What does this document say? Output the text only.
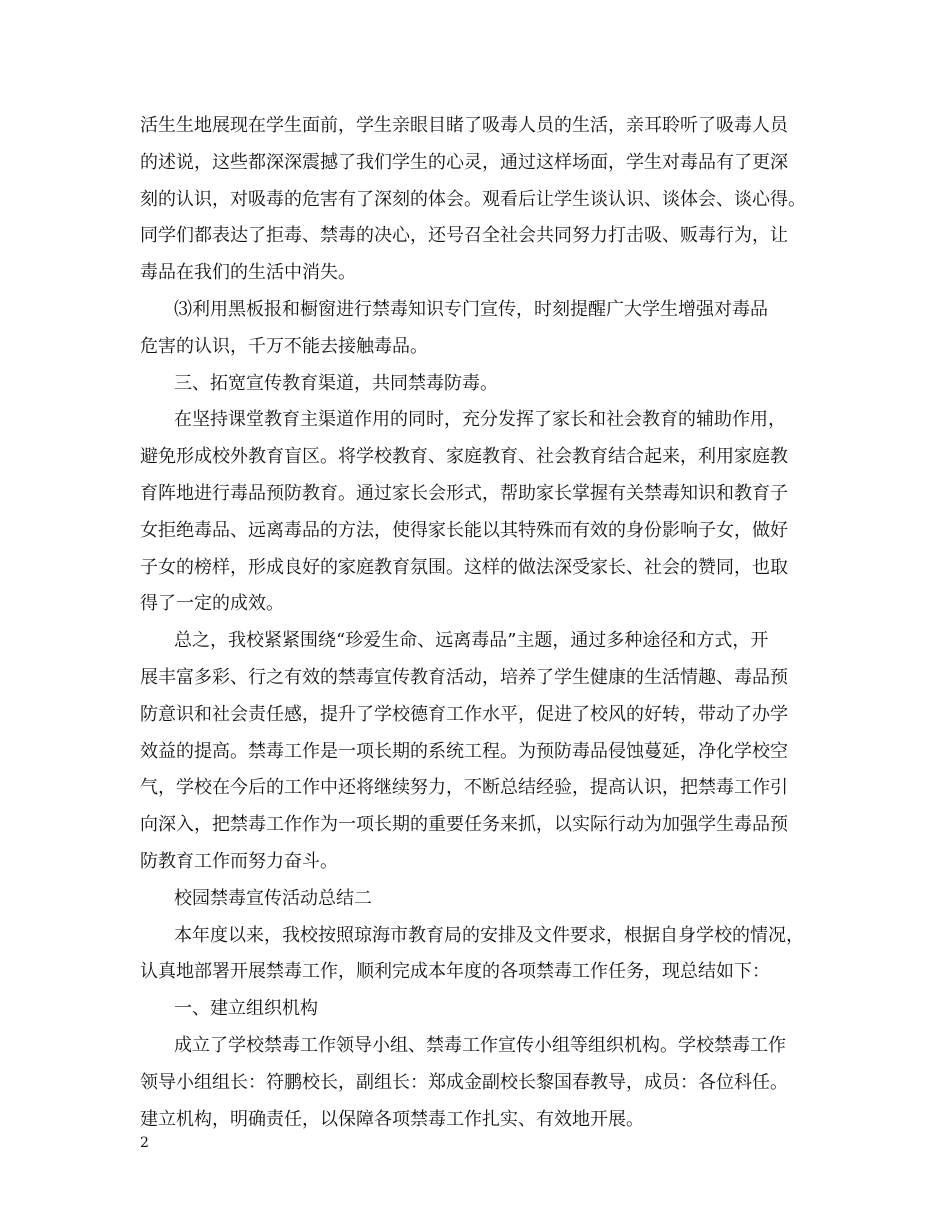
活生生地展现在学生面前，学生亲眼目睹了吸毒人员的生活，亲耳聆听了吸毒人员
的述说，这些都深深震撼了我们学生的心灵，通过这样场面，学生对毒品有了更深
刻的认识，对吸毒的危害有了深刻的体会。观看后让学生谈认识、谈体会、谈心得。
同学们都表达了拒毒、禁毒的决心，还号召全社会共同努力打击吸、贩毒行为，让
毒品在我们的生活中消失。
⑶利用黑板报和橱窗进行禁毒知识专门宣传，时刻提醒广大学生增强对毒品
危害的认识，千万不能去接触毒品。
三、拓宽宣传教育渠道，共同禁毒防毒。
在坚持课堂教育主渠道作用的同时，充分发挥了家长和社会教育的辅助作用，
避免形成校外教育盲区。将学校教育、家庭教育、社会教育结合起来，利用家庭教
育阵地进行毒品预防教育。通过家长会形式，帮助家长掌握有关禁毒知识和教育子
女拒绝毒品、远离毒品的方法，使得家长能以其特殊而有效的身份影响子女，做好
子女的榜样，形成良好的家庭教育氛围。这样的做法深受家长、社会的赞同，也取
得了一定的成效。
总之，我校紧紧围绕“珍爱生命、远离毒品”主题，通过多种途径和方式，开
展丰富多彩、行之有效的禁毒宣传教育活动，培养了学生健康的生活情趣、毒品预
防意识和社会责任感，提升了学校德育工作水平，促进了校风的好转，带动了办学
效益的提高。禁毒工作是一项长期的系统工程。为预防毒品侵蚀蔓延，净化学校空
气，学校在今后的工作中还将继续努力，不断总结经验，提高认识，把禁毒工作引
向深入，把禁毒工作作为一项长期的重要任务来抓，以实际行动为加强学生毒品预
防教育工作而努力奋斗。
校园禁毒宣传活动总结二
本年度以来，我校按照琼海市教育局的安排及文件要求，根据自身学校的情况，
认真地部署开展禁毒工作，顺利完成本年度的各项禁毒工作任务，现总结如下：
一、建立组织机构
成立了学校禁毒工作领导小组、禁毒工作宣传小组等组织机构。学校禁毒工作
领导小组组长：符鹏校长，副组长：郑成金副校长黎国春教导，成员：各位科任。
建立机构，明确责任，以保障各项禁毒工作扎实、有效地开展。
2
